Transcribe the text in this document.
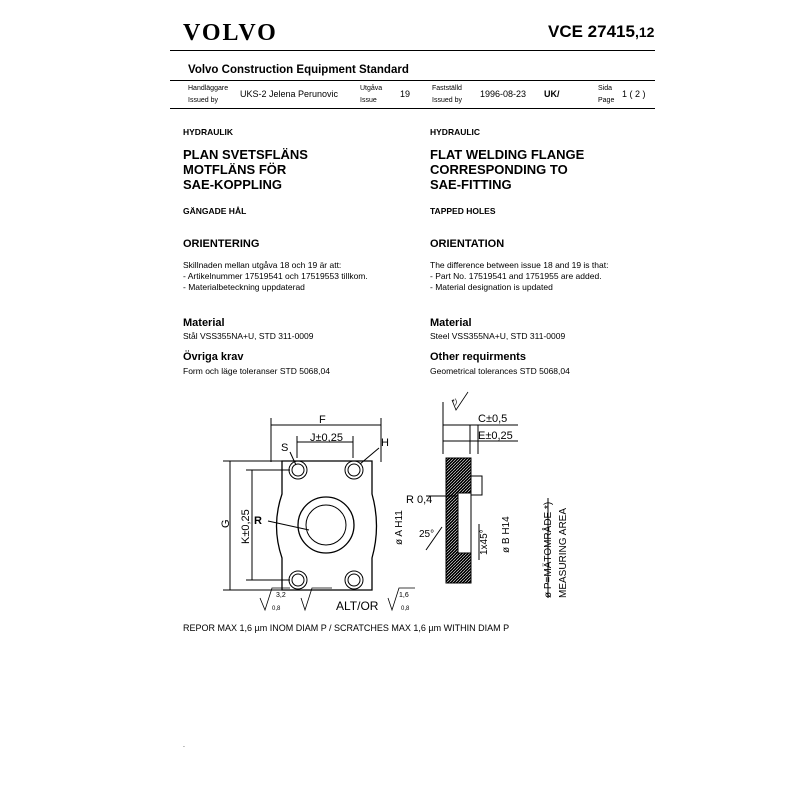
VOLVO	VCE 27415,12
Volvo Construction Equipment Standard
Handläggare
Issued by
UKS-2 Jelena Perunovic
Utgåva
Issue
19
Fastställd
Issued by
1996-08-23 UK/
Sida
Page
1 ( 2 )
HYDRAULIK
PLAN SVETSFLÄNS
MOTFLÄNS FÖR
SAE-KOPPLING
GÄNGADE HÅL
ORIENTERING
Skillnaden mellan utgåva 18 och 19 är att:
- Artikelnummer 17519541 och 17519553 tillkom.
- Materialbeteckning uppdaterad
Material
Stål VSS355NA+U, STD 311-0009
Övriga krav
Form och läge toleranser STD 5068,04
HYDRAULIC
FLAT WELDING FLANGE
CORRESPONDING TO
SAE-FITTING
TAPPED HOLES
ORIENTATION
The difference between issue 18 and 19 is that:
- Part No. 17519541 and 1751955 are added.
- Material designation is updated
Material
Steel VSS355NA+U, STD 311-0009
Other requirments
Geometrical tolerances STD 5068,04
F
J±0,25
S	H
G K±0,25 R
C±0,5
E±0,25
R 0,4
ø A H11 25°	1x45° ø B H14	ø P=MÄTOMRÅDE *) MEASURING AREA
*)
3,2
0,8	ALT/OR
1,6
0,8
REPOR MAX 1,6 µm INOM DIAM P / SCRATCHES MAX 1,6 µm WITHIN DIAM P
.
